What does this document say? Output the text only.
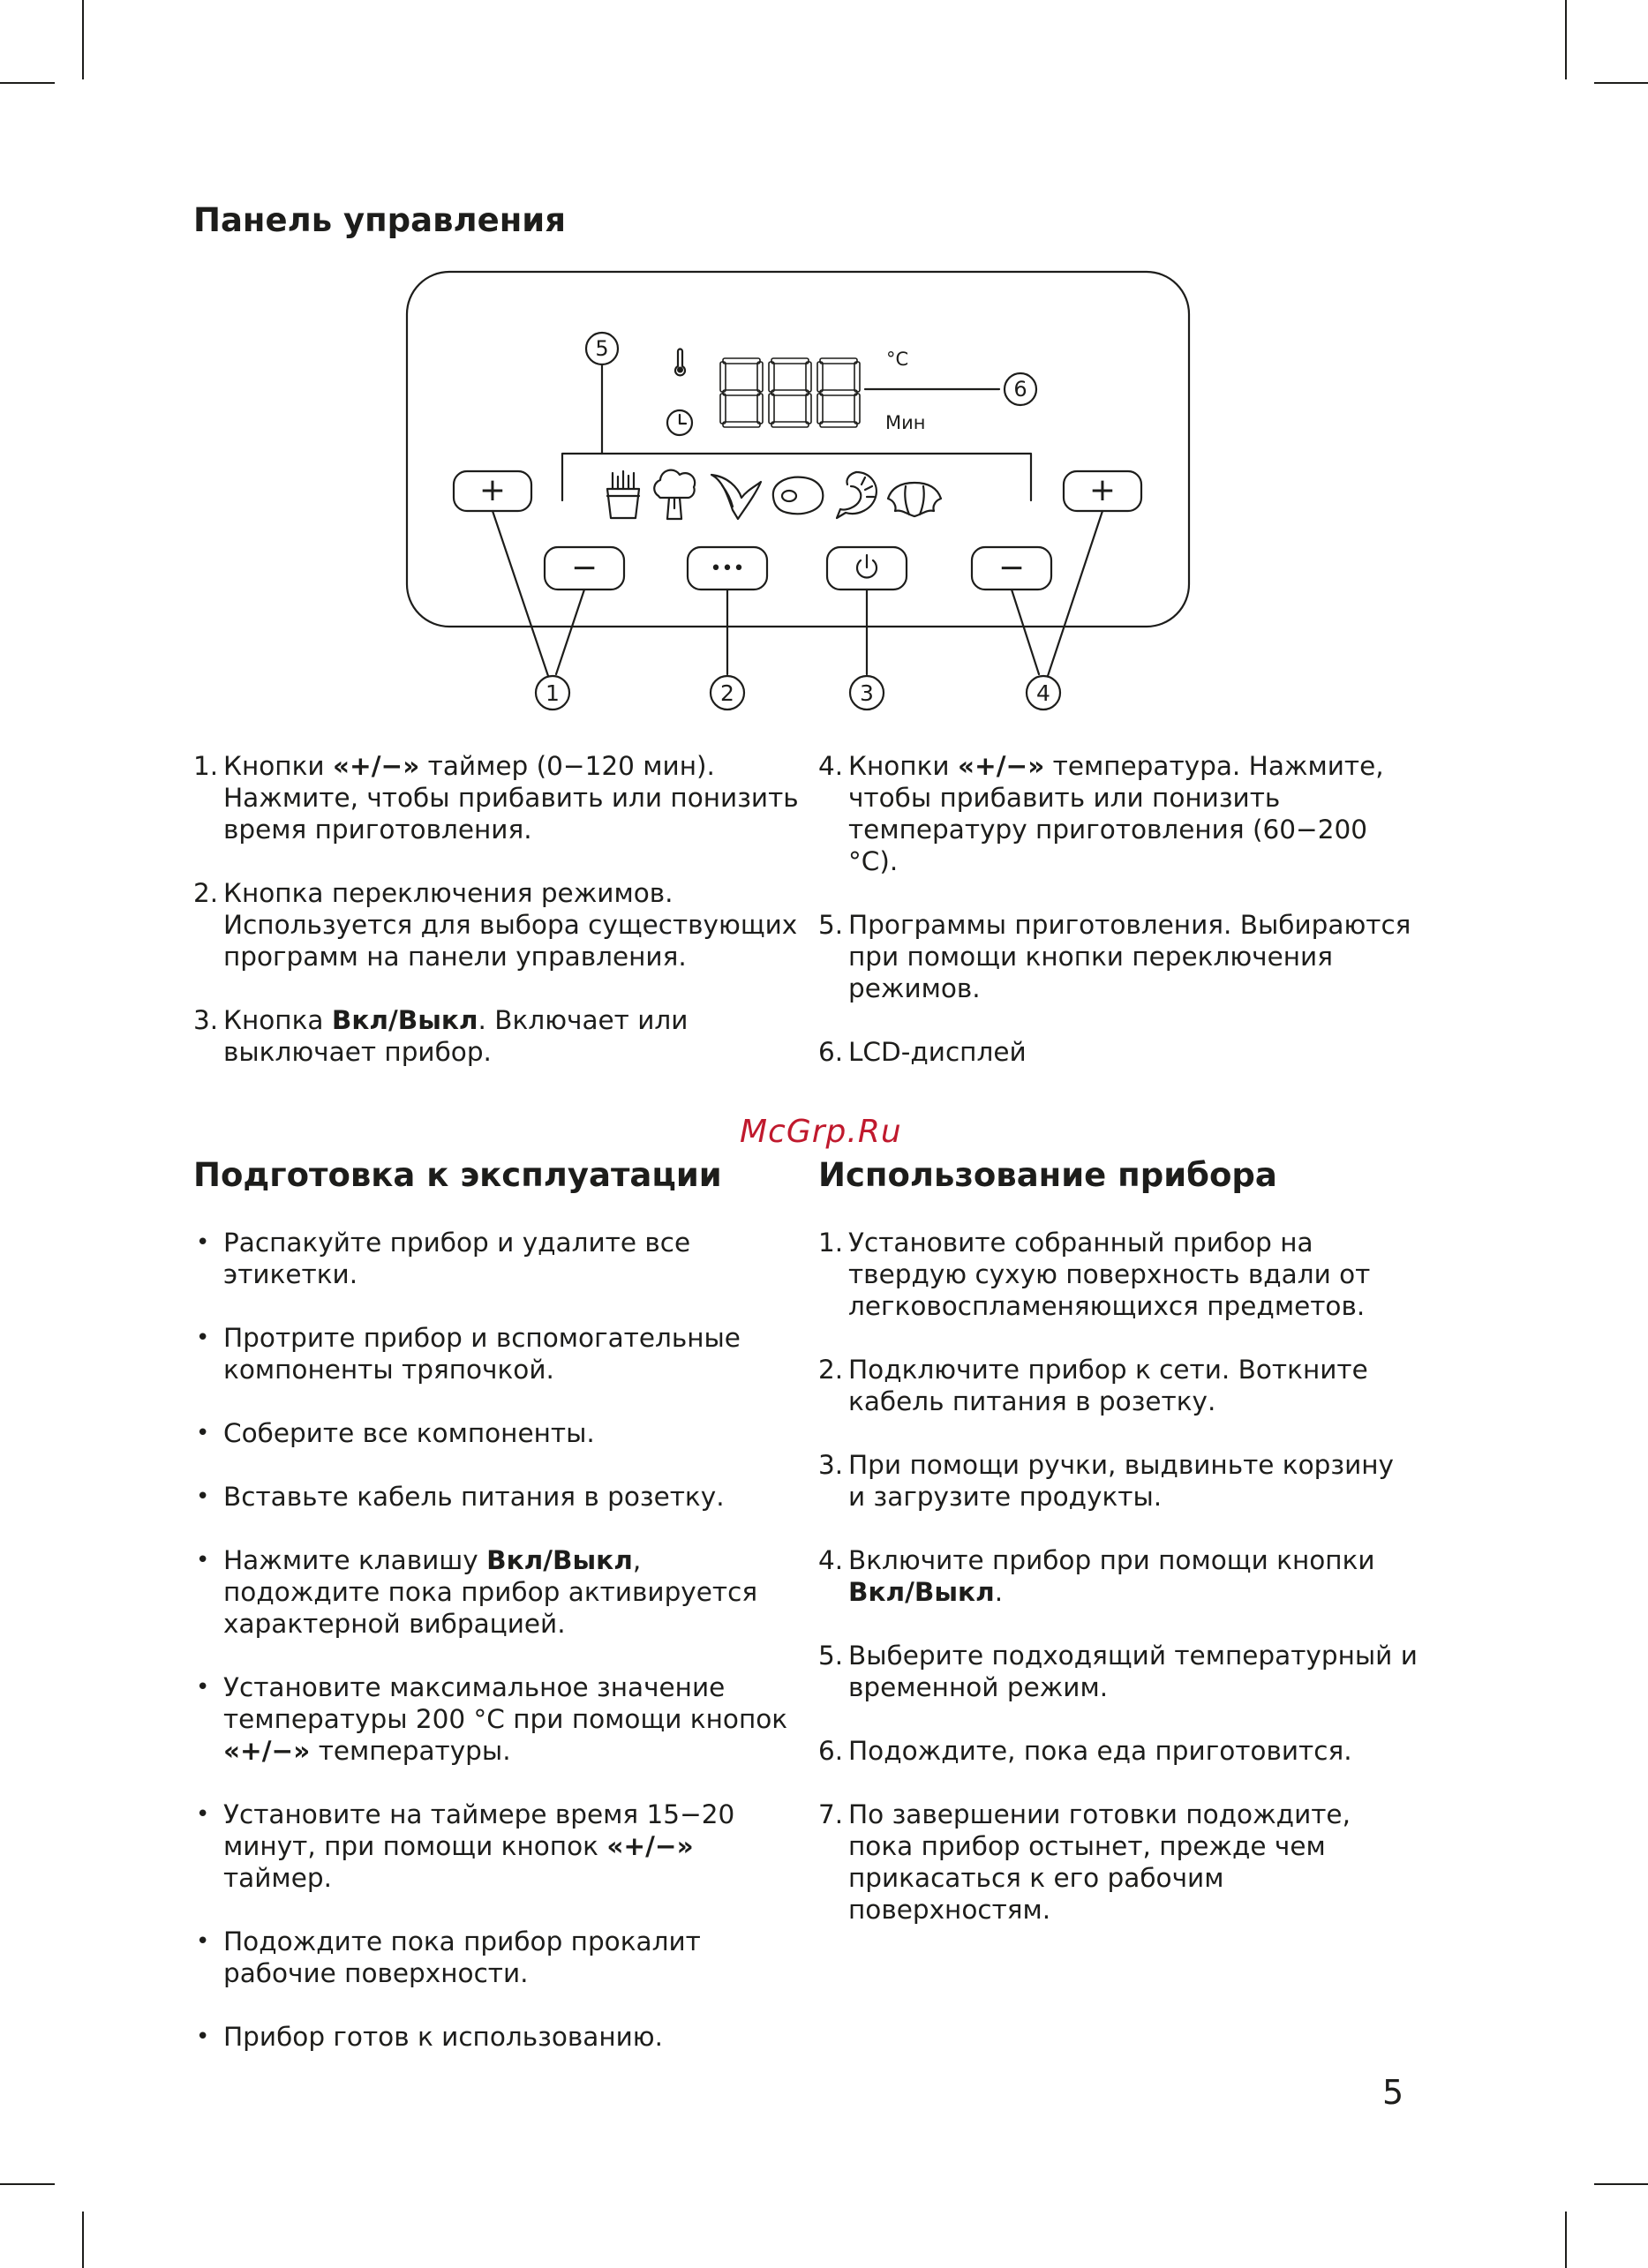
Панель управления
°C
Мин
6
5
+	+
−	•••	−
1	2	3	4
1. Кнопки «+/−» таймер (0−120 мин). Нажмите, чтобы прибавить или понизить время приготовления.

2. Кнопка переключения режимов. Используется для выбора существующих программ на панели управления.

3. Кнопка Вкл/Выкл. Включает или выключает прибор.

4. Кнопки «+/−» температура. Нажмите, чтобы прибавить или понизить температуру приготовления (60−200 °С).

5. Программы приготовления. Выбираются при помощи кнопки переключения режимов.

6. LCD-дисплей

McGrp.Ru
Подготовка к эксплуатации	Использование прибора
• Распакуйте прибор и удалите все этикетки.

• Протрите прибор и вспомогательные компоненты тряпочкой.

• Соберите все компоненты.

• Вставьте кабель питания в розетку.

• Нажмите клавишу Вкл/Выкл, подождите пока прибор активируется характерной вибрацией.

• Установите максимальное значение температуры 200 °С при помощи кнопок «+/−» температуры.

• Установите на таймере время 15−20 минут, при помощи кнопок «+/−» таймер.

• Подождите пока прибор прокалит рабочие поверхности.

• Прибор готов к использованию.

1. Установите собранный прибор на твердую сухую поверхность вдали от легковоспламеняющихся предметов.

2. Подключите прибор к сети. Воткните кабель питания в розетку.

3. При помощи ручки, выдвиньте корзину и загрузите продукты.

4. Включите прибор при помощи кнопки Вкл/Выкл.

5. Выберите подходящий температурный и временной режим.

6. Подождите, пока еда приготовится.

7. По завершении готовки подождите, пока прибор остынет, прежде чем прикасаться к его рабочим поверхностям.

5
